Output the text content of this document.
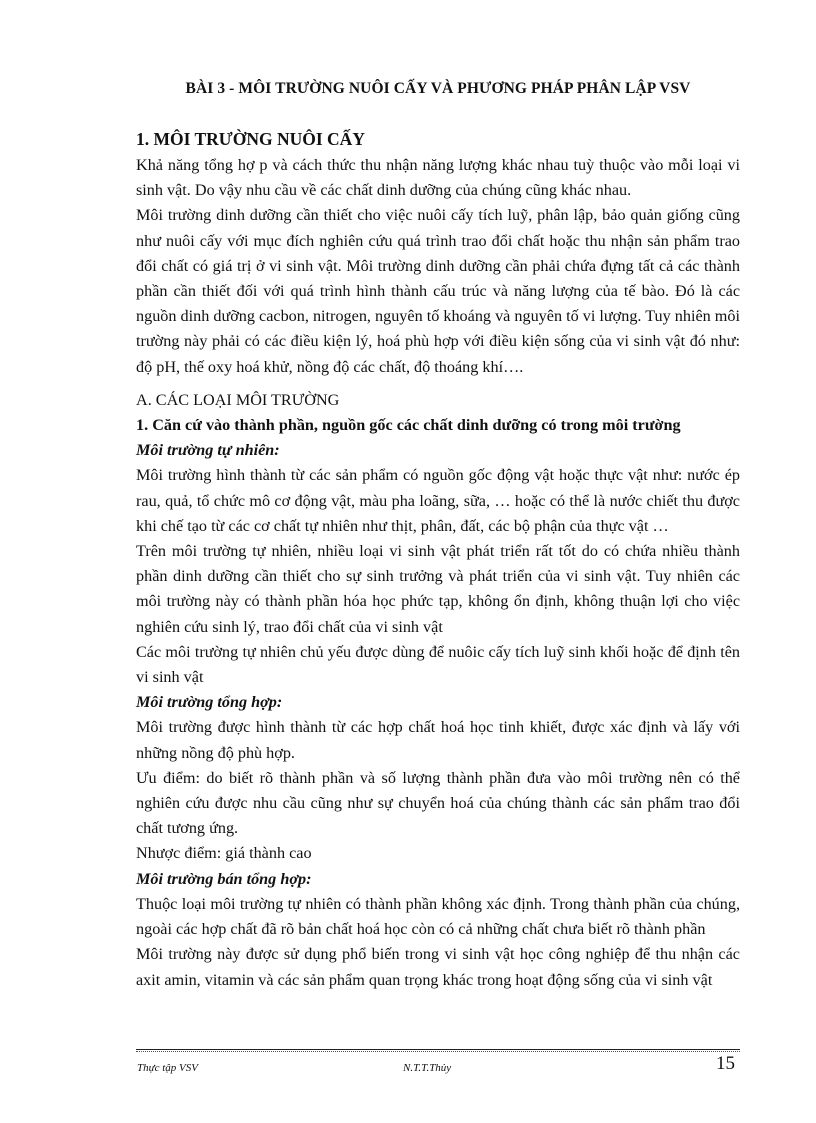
BÀI 3 - MÔI TRƯỜNG NUÔI CẤY VÀ PHƯƠNG PHÁP PHÂN LẬP VSV

1. MÔI TRƯỜNG NUÔI CẤY

Khả năng tổng hợ p và cách thức thu nhận năng lượng khác nhau tuỳ thuộc vào mỗi loại vi sinh vật. Do vậy nhu cầu về các chất dinh dưỡng của chúng cũng khác nhau.

Môi trường dinh dưỡng cần thiết cho việc nuôi cấy tích luỹ, phân lập, bảo quản giống cũng như nuôi cấy với mục đích nghiên cứu quá trình trao đổi chất hoặc thu nhận sản phẩm trao đổi chất có giá trị ở vi sinh vật. Môi trường dinh dưỡng cần phải chứa đựng tất cả các thành phần cần thiết đối với quá trình hình thành cấu trúc và năng lượng của tế bào. Đó là các nguồn dinh dưỡng cacbon, nitrogen, nguyên tố khoáng và nguyên tố vi lượng. Tuy nhiên môi trường này phải có các điều kiện lý, hoá phù hợp với điều kiện sống của vi sinh vật đó như: độ pH, thế oxy hoá khử, nồng độ các chất, độ thoáng khí….

A. CÁC LOẠI MÔI TRƯỜNG

1. Căn cứ vào thành phần, nguồn gốc các chất dinh dưỡng có trong môi trường

Môi trường tự nhiên:

Môi trường hình thành từ các sản phẩm có nguồn gốc động vật hoặc thực vật như: nước ép rau, quả, tổ chức mô cơ động vật, màu pha loãng, sữa, … hoặc có thể là nước chiết thu được khi chế tạo từ các cơ chất tự nhiên như thịt, phân, đất, các bộ phận của thực vật …

Trên môi trường tự nhiên, nhiều loại vi sinh vật phát triển rất tốt do có chứa nhiều thành phần dinh dưỡng cần thiết cho sự sinh trưởng và phát triển của vi sinh vật. Tuy nhiên các môi trường này có thành phần hóa học phức tạp, không ổn định, không thuận lợi cho việc nghiên cứu sinh lý, trao đổi chất của vi sinh vật

Các môi trường tự nhiên chủ yếu được dùng để nuôic cấy tích luỹ sinh khối hoặc để định tên vi sinh vật

Môi trường tổng hợp:

Môi trường được hình thành từ các hợp chất hoá học tinh khiết, được xác định và lấy với những nồng độ phù hợp.

Ưu điểm: do biết rõ thành phần và số lượng thành phần đưa vào môi trường nên có thể nghiên cứu được nhu cầu cũng như sự chuyển hoá của chúng thành các sản phẩm trao đổi chất tương ứng.

Nhược điểm: giá thành cao

Môi trường bán tổng hợp:

Thuộc loại môi trường tự nhiên có thành phần không xác định. Trong thành phần của chúng, ngoài các hợp chất đã rõ bản chất hoá học còn có cả những chất chưa biết rõ thành phần

Môi trường này được sử dụng phổ biến trong vi sinh vật học công nghiệp để thu nhận các axit amin, vitamin và các sản phẩm quan trọng khác trong hoạt động sống của vi sinh vật

Thực tập VSV	N.T.T.Thủy	15
